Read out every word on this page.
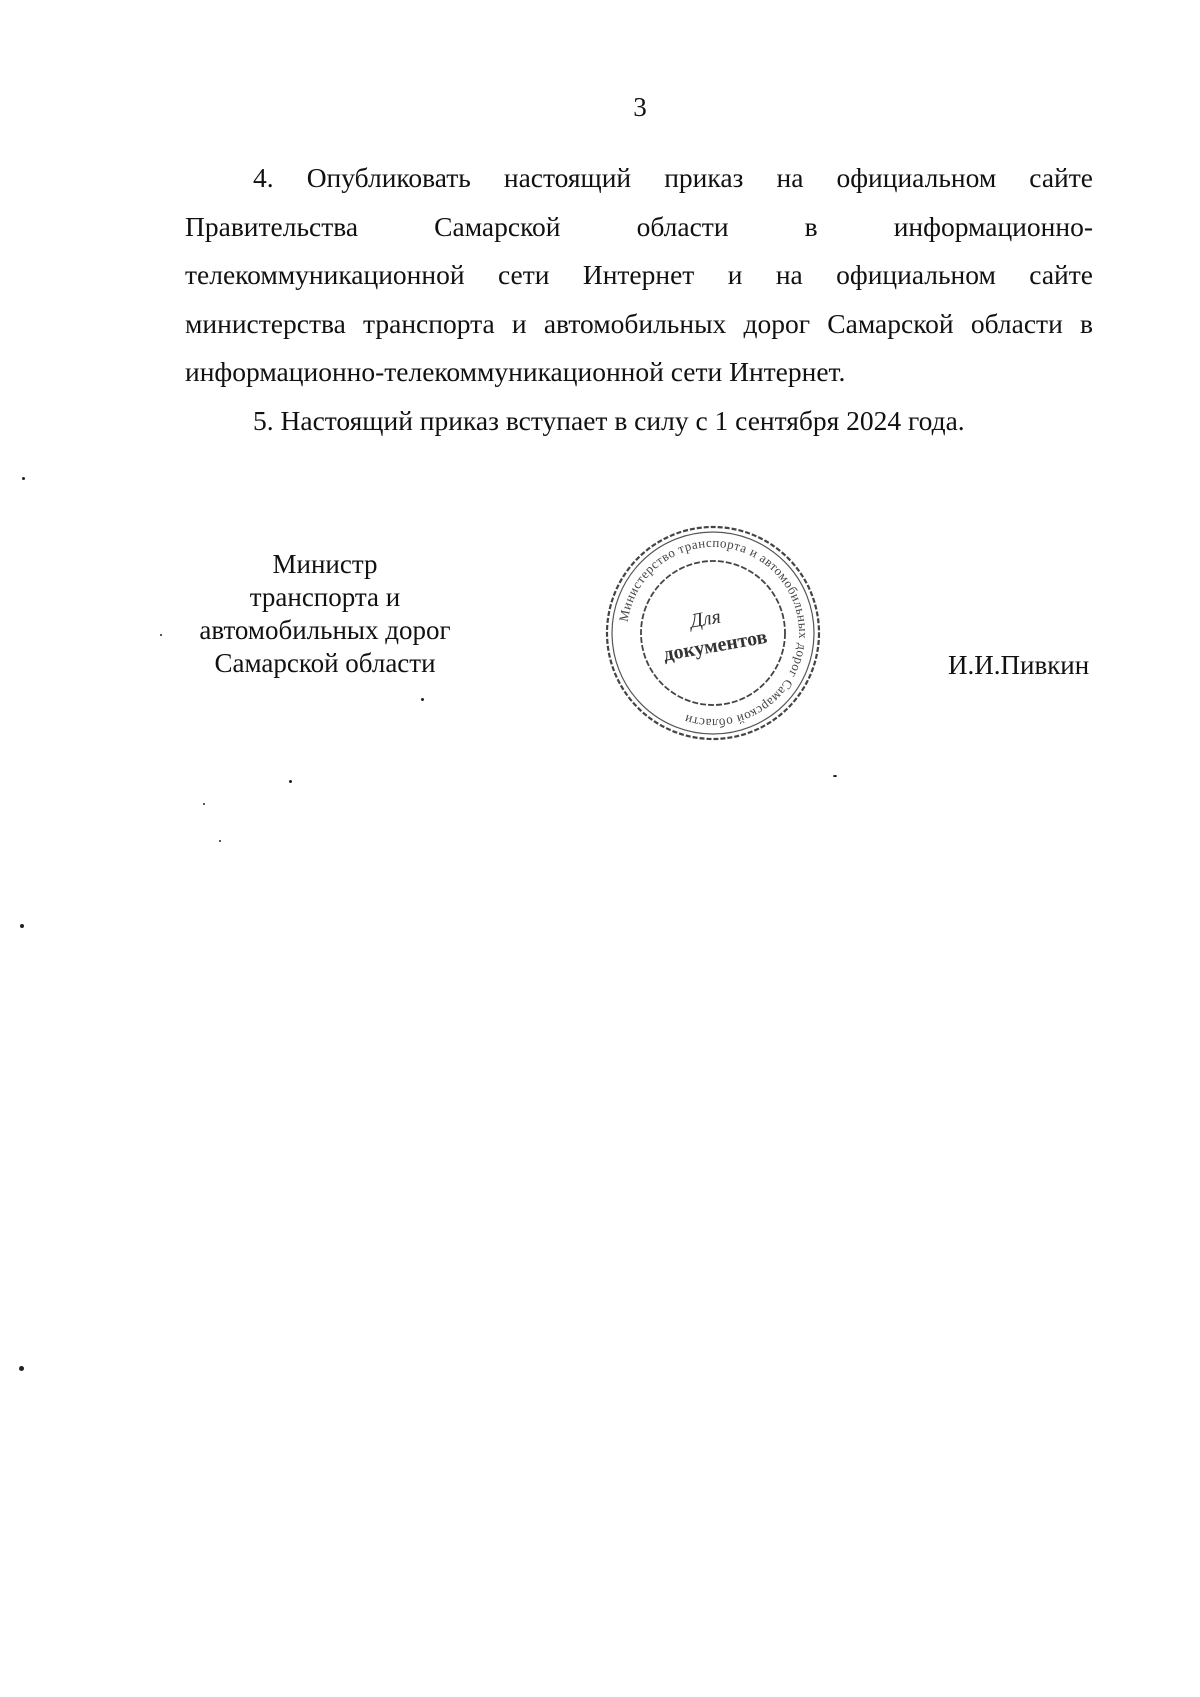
3

4. Опубликовать настоящий приказ на официальном сайте Правительства Самарской области в информационно-телекоммуникационной сети Интернет и на официальном сайте министерства транспорта и автомобильных дорог Самарской области в информационно-телекоммуникационной сети Интернет.

5. Настоящий приказ вступает в силу с 1 сентября 2024 года.

Министр
транспорта и
автомобильных дорог
Самарской области
Министерство транспорта и автомобильных дорог Самарской области
Для
документов	И.И.Пивкин
